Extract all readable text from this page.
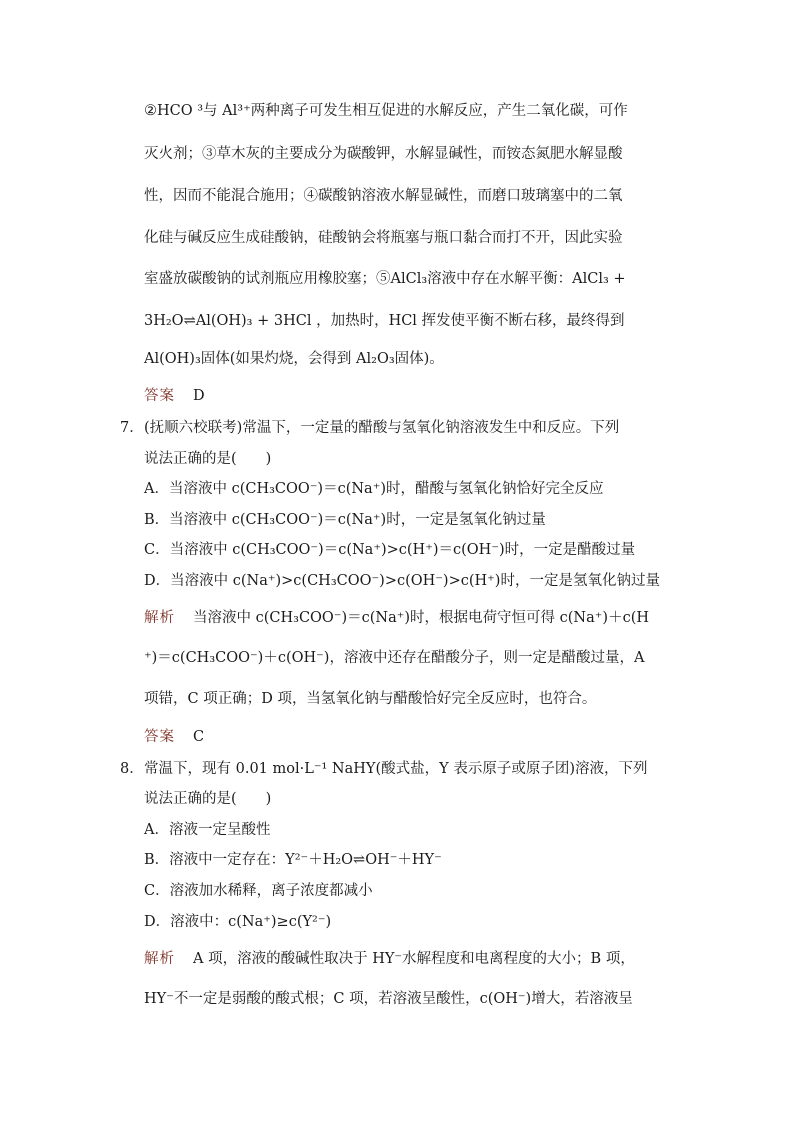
②HCO ³与 Al³⁺两种离子可发生相互促进的水解反应，产生二氧化碳，可作
灭火剂；③草木灰的主要成分为碳酸钾，水解显碱性，而铵态氮肥水解显酸
性，因而不能混合施用；④碳酸钠溶液水解显碱性，而磨口玻璃塞中的二氧
化硅与碱反应生成硅酸钠，硅酸钠会将瓶塞与瓶口黏合而打不开，因此实验
室盛放碳酸钠的试剂瓶应用橡胶塞；⑤AlCl₃溶液中存在水解平衡：AlCl₃ +
3H₂O⇌Al(OH)₃ + 3HCl ，加热时，HCl 挥发使平衡不断右移，最终得到
Al(OH)₃固体(如果灼烧，会得到 Al₂O₃固体)。
答案 D
7． (抚顺六校联考)常温下，一定量的醋酸与氢氧化钠溶液发生中和反应。下列
说法正确的是(　　)
A．当溶液中 c(CH₃COO⁻)＝c(Na⁺)时，醋酸与氢氧化钠恰好完全反应
B．当溶液中 c(CH₃COO⁻)＝c(Na⁺)时，一定是氢氧化钠过量
C．当溶液中 c(CH₃COO⁻)＝c(Na⁺)>c(H⁺)＝c(OH⁻)时，一定是醋酸过量
D．当溶液中 c(Na⁺)>c(CH₃COO⁻)>c(OH⁻)>c(H⁺)时，一定是氢氧化钠过量
解析 当溶液中 c(CH₃COO⁻)＝c(Na⁺)时，根据电荷守恒可得 c(Na⁺)＋c(H
⁺)＝c(CH₃COO⁻)＋c(OH⁻)，溶液中还存在醋酸分子，则一定是醋酸过量，A
项错，C 项正确；D 项，当氢氧化钠与醋酸恰好完全反应时，也符合。
答案 C
8． 常温下，现有 0.01 mol·L⁻¹ NaHY(酸式盐，Y 表示原子或原子团)溶液，下列
说法正确的是(　　)
A．溶液一定呈酸性
B．溶液中一定存在：Y²⁻＋H₂O⇌OH⁻＋HY⁻
C．溶液加水稀释，离子浓度都减小
D．溶液中：c(Na⁺)≥c(Y²⁻)
解析 A 项，溶液的酸碱性取决于 HY⁻水解程度和电离程度的大小；B 项，
HY⁻不一定是弱酸的酸式根；C 项，若溶液呈酸性，c(OH⁻)增大，若溶液呈
